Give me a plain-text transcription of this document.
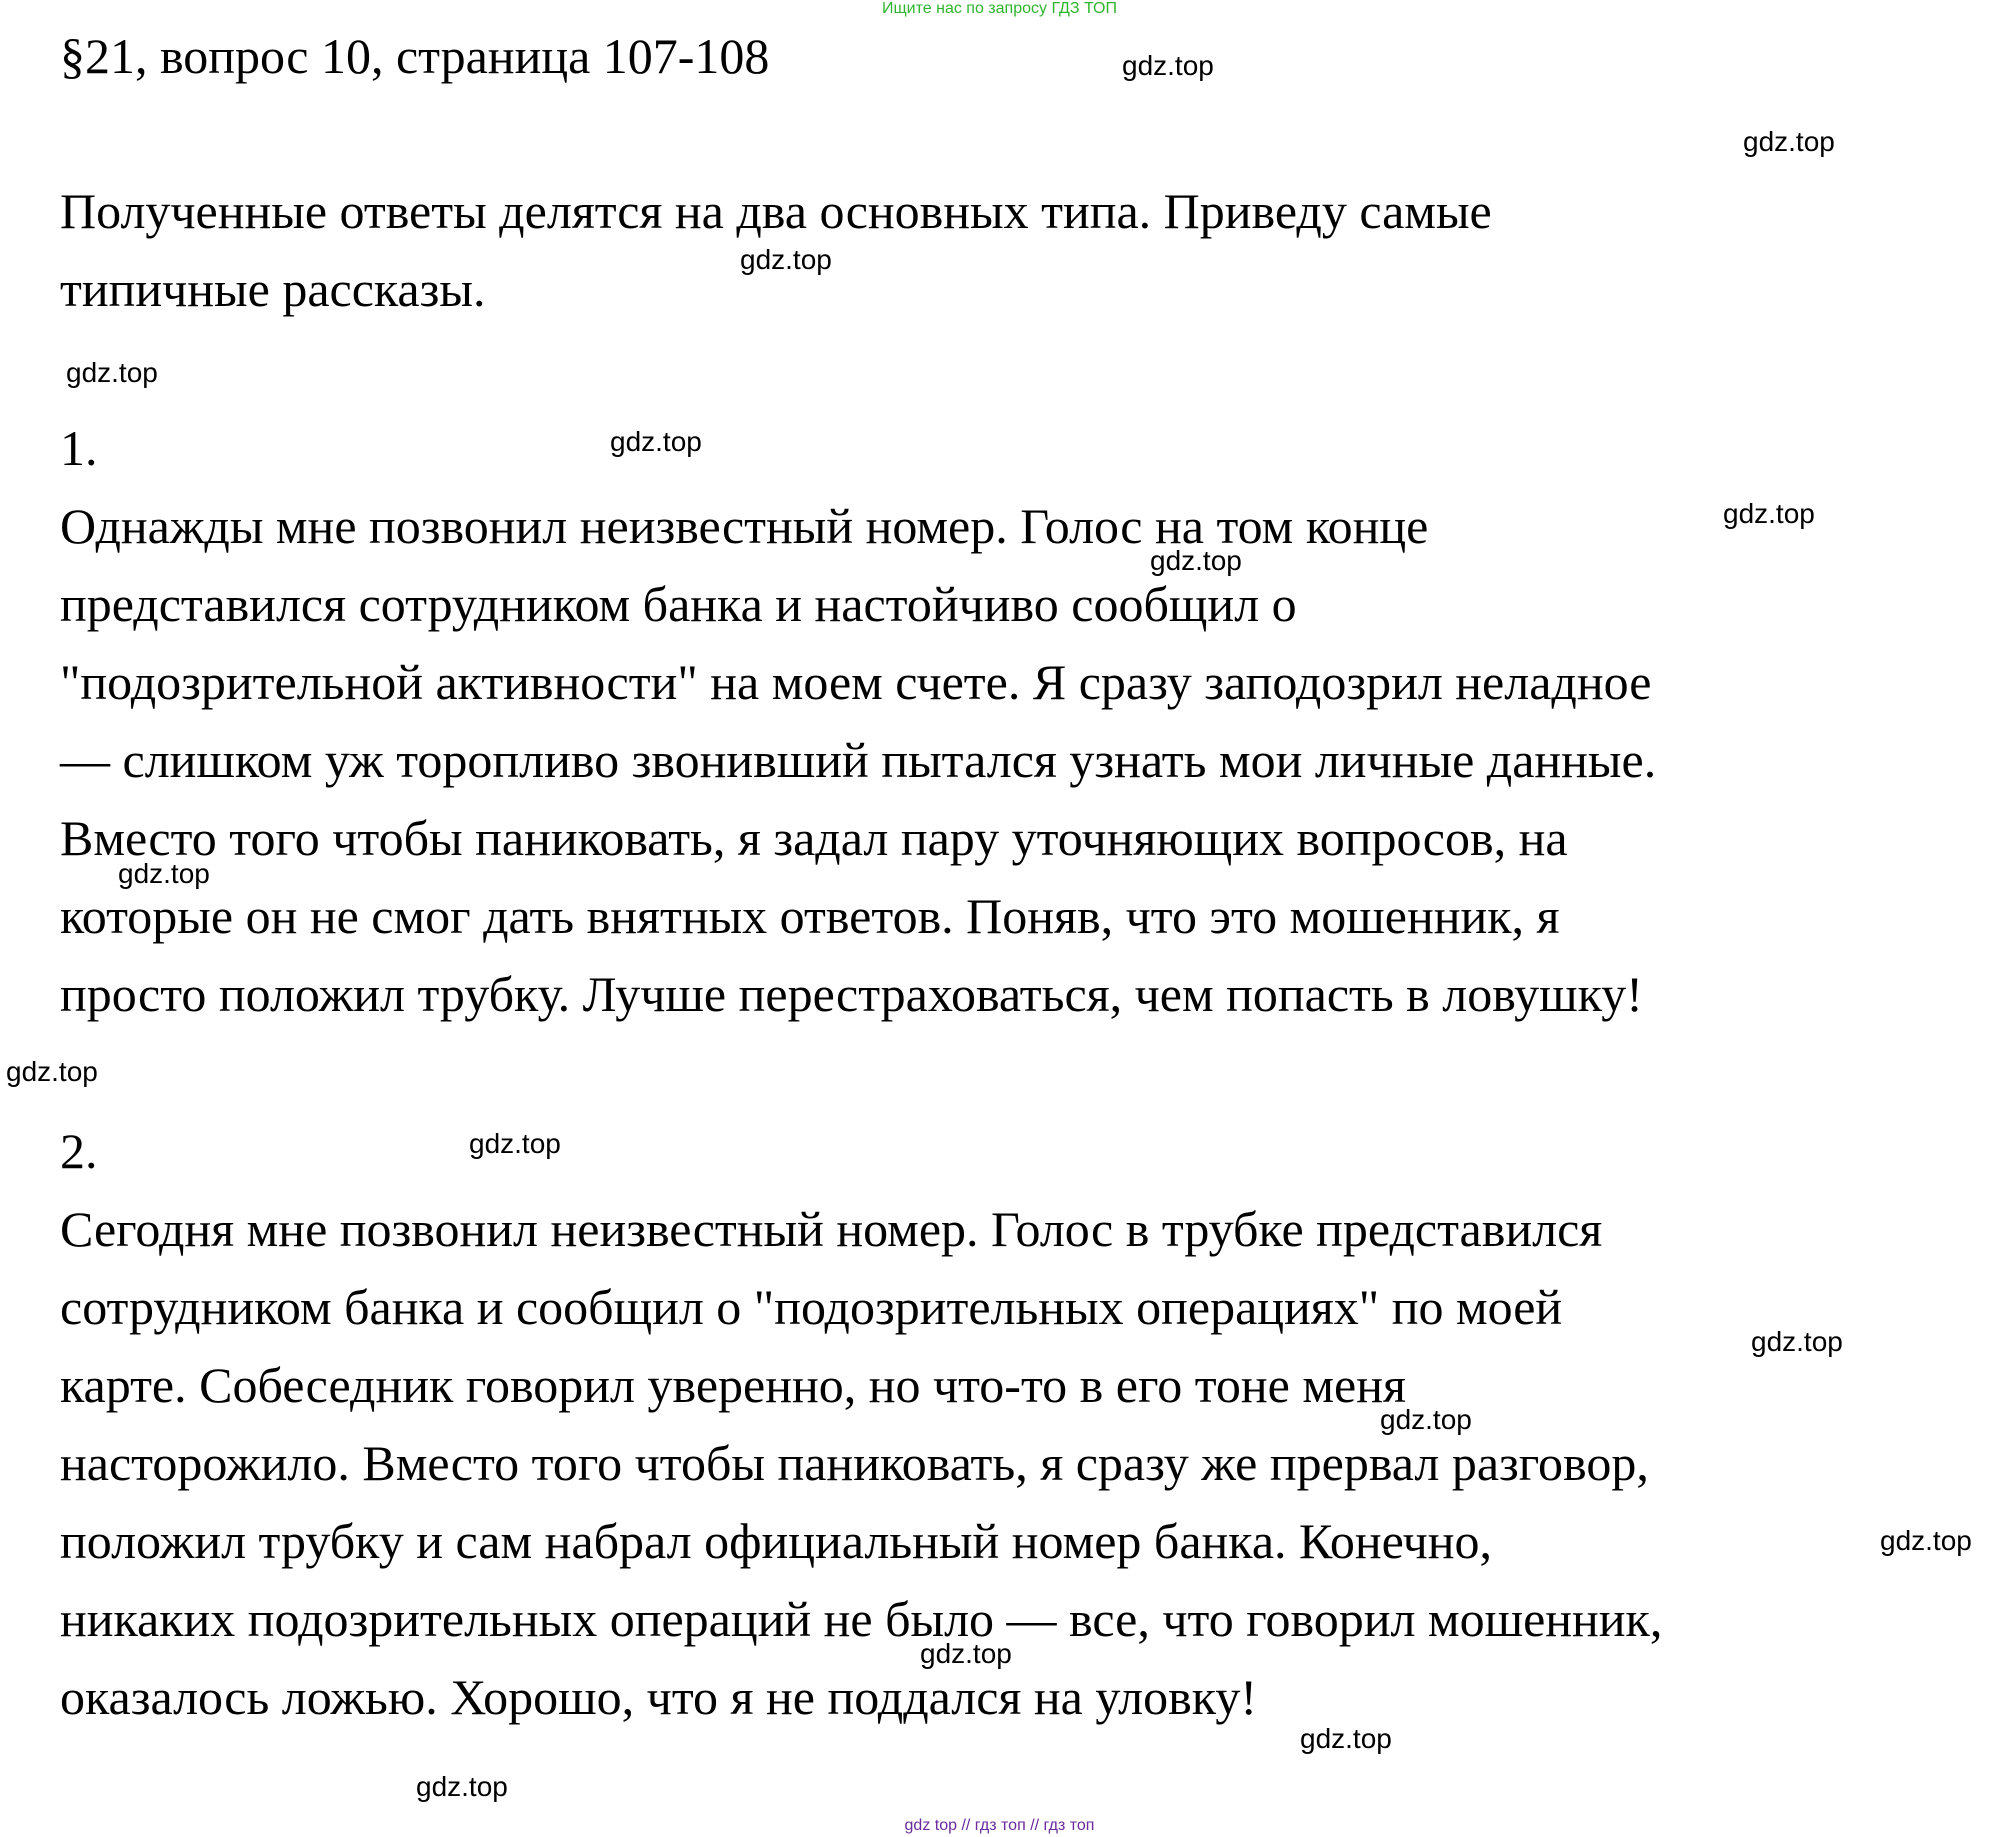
Ищите нас по запросу ГДЗ ТОП
§21, вопрос 10, страница 107-108
Полученные ответы делятся на два основных типа. Приведу самые
типичные рассказы.
1.
Однажды мне позвонил неизвестный номер. Голос на том конце
представился сотрудником банка и настойчиво сообщил о
"подозрительной активности" на моем счете. Я сразу заподозрил неладное
— слишком уж торопливо звонивший пытался узнать мои личные данные.
Вместо того чтобы паниковать, я задал пару уточняющих вопросов, на
которые он не смог дать внятных ответов. Поняв, что это мошенник, я
просто положил трубку. Лучше перестраховаться, чем попасть в ловушку!
2.
Сегодня мне позвонил неизвестный номер. Голос в трубке представился
сотрудником банка и сообщил о "подозрительных операциях" по моей
карте. Собеседник говорил уверенно, но что-то в его тоне меня
насторожило. Вместо того чтобы паниковать, я сразу же прервал разговор,
положил трубку и сам набрал официальный номер банка. Конечно,
никаких подозрительных операций не было — все, что говорил мошенник,
оказалось ложью. Хорошо, что я не поддался на уловку!
gdz.top
gdz.top
gdz.top
gdz.top
gdz.top
gdz.top
gdz.top
gdz.top
gdz.top
gdz.top
gdz.top
gdz.top
gdz.top
gdz.top
gdz.top
gdz.top
gdz top // гдз топ // гдз топ
